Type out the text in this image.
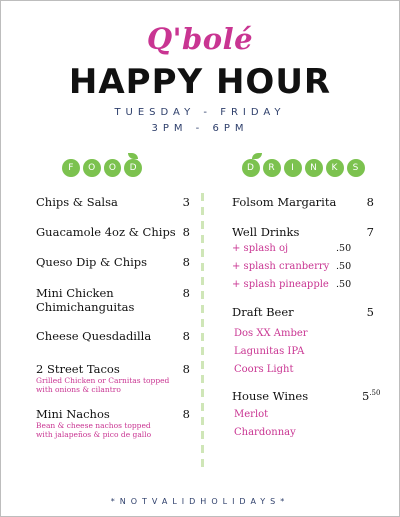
Q'bolé
HAPPY HOUR
TUESDAY - FRIDAY
3PM - 6PM
F	O	O	D	D	R	I	N	K	S
Chips & Salsa	3
Guacamole 4oz & Chips 8
Queso Dip & Chips	8
Mini Chicken
Chimichanguitas
8
Cheese Quesdadilla	8
2 Street Tacos	8
Grilled Chicken or Carnitas topped
with onions & cilantro
Mini Nachos	8
Bean & cheese nachos topped
with jalapeños & pico de gallo
Folsom Margarita	8
Well Drinks	7
+ splash oj	.50
+ splash cranberry .50
+ splash pineapple .50
Draft Beer	5
Dos XX Amber
Lagunitas IPA
Coors Light
House Wines	$5^{.50}$
Merlot
Chardonnay
*NOTVALIDHOLIDAYS*
